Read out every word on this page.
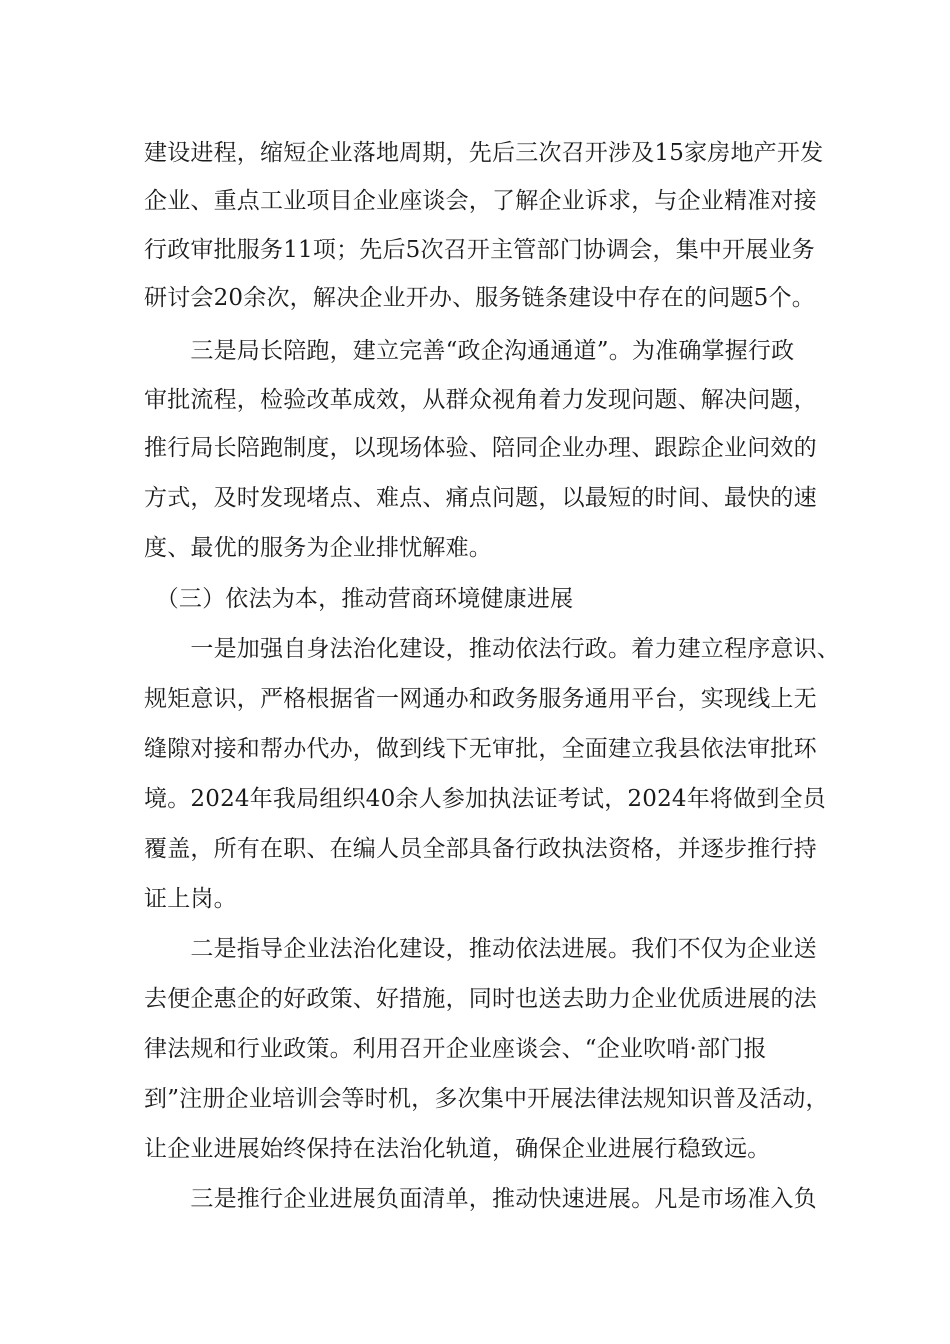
建设进程，缩短企业落地周期，先后三次召开涉及15家房地产开发
企业、重点工业项目企业座谈会，了解企业诉求，与企业精准对接
行政审批服务11项；先后5次召开主管部门协调会，集中开展业务
研讨会20余次，解决企业开办、服务链条建设中存在的问题5个。
　　三是局长陪跑，建立完善“政企沟通通道”。为准确掌握行政
审批流程，检验改革成效，从群众视角着力发现问题、解决问题，
推行局长陪跑制度，以现场体验、陪同企业办理、跟踪企业问效的
方式，及时发现堵点、难点、痛点问题，以最短的时间、最快的速
度、最优的服务为企业排忧解难。
　（三）依法为本，推动营商环境健康进展
　　一是加强自身法治化建设，推动依法行政。着力建立程序意识、
规矩意识，严格根据省一网通办和政务服务通用平台，实现线上无
缝隙对接和帮办代办，做到线下无审批，全面建立我县依法审批环
境。2024年我局组织40余人参加执法证考试，2024年将做到全员
覆盖，所有在职、在编人员全部具备行政执法资格，并逐步推行持
证上岗。
　　二是指导企业法治化建设，推动依法进展。我们不仅为企业送
去便企惠企的好政策、好措施，同时也送去助力企业优质进展的法
律法规和行业政策。利用召开企业座谈会、“企业吹哨·部门报
到”注册企业培训会等时机，多次集中开展法律法规知识普及活动，
让企业进展始终保持在法治化轨道，确保企业进展行稳致远。
　　三是推行企业进展负面清单，推动快速进展。凡是市场准入负
